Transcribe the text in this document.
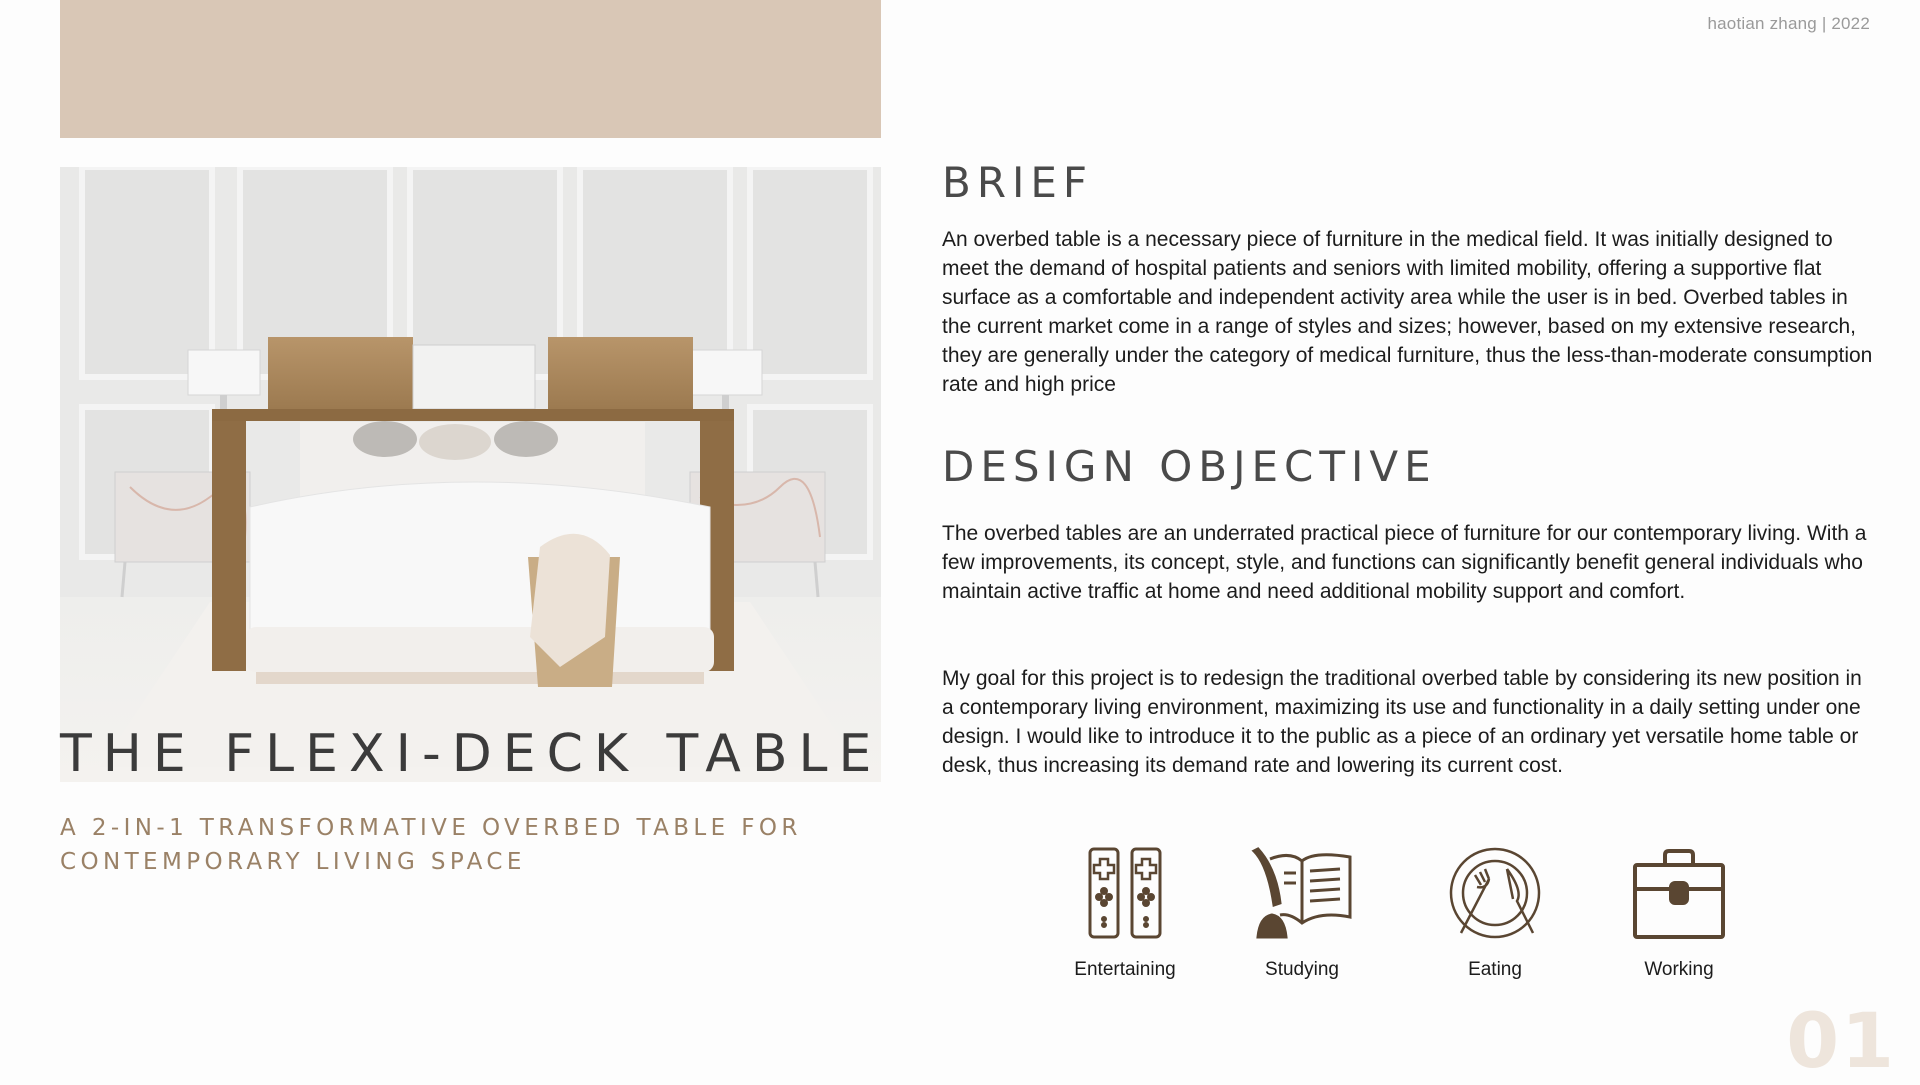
haotian zhang | 2022
THE FLEXI-DECK TABLE

A 2-IN-1 TRANSFORMATIVE OVERBED TABLE FOR CONTEMPORARY LIVING SPACE

BRIEF

An overbed table is a necessary piece of furniture in the medical field. It was initially designed to meet the demand of hospital patients and seniors with limited mobility, offering a supportive flat surface as a comfortable and independent activity area while the user is in bed. Overbed tables in the current market come in a range of styles and sizes; however, based on my extensive research, they are generally under the category of medical furniture, thus the less-than-moderate consumption rate and high price

DESIGN OBJECTIVE

The overbed tables are an underrated practical piece of furniture for our contemporary living. With a few improvements, its concept, style, and functions can significantly benefit general individuals who maintain active traffic at home and need additional mobility support and comfort.

My goal for this project is to redesign the traditional overbed table by considering its new position in a contemporary living environment, maximizing its use and functionality in a daily setting under one design. I would like to introduce it to the public as a piece of an ordinary yet versatile home table or desk, thus increasing its demand rate and lowering its current cost.

Entertaining	Studying	Eating	Working
01
